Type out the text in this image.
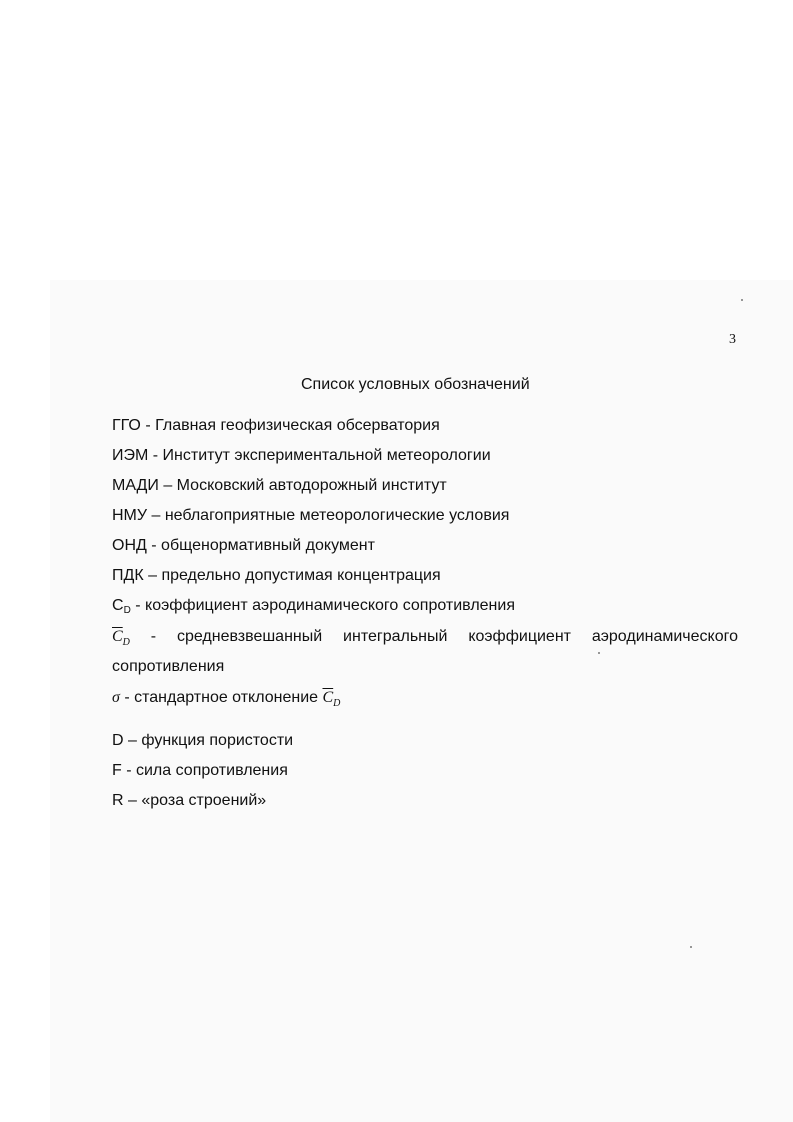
3
Список условных обозначений
ГГО - Главная геофизическая обсерватория
ИЭМ - Институт экспериментальной метеорологии
МАДИ – Московский автодорожный институт
НМУ – неблагоприятные метеорологические условия
ОНД - общенормативный документ
ПДК – предельно допустимая концентрация
$C_D$ - коэффициент аэродинамического сопротивления
$\overline{C}_D$ - средневзвешанный интегральный коэффициент аэродинамического
сопротивления
σ - стандартное отклонение $\overline{C}_D$
D – функция пористости
F - сила сопротивления
R – «роза строений»
